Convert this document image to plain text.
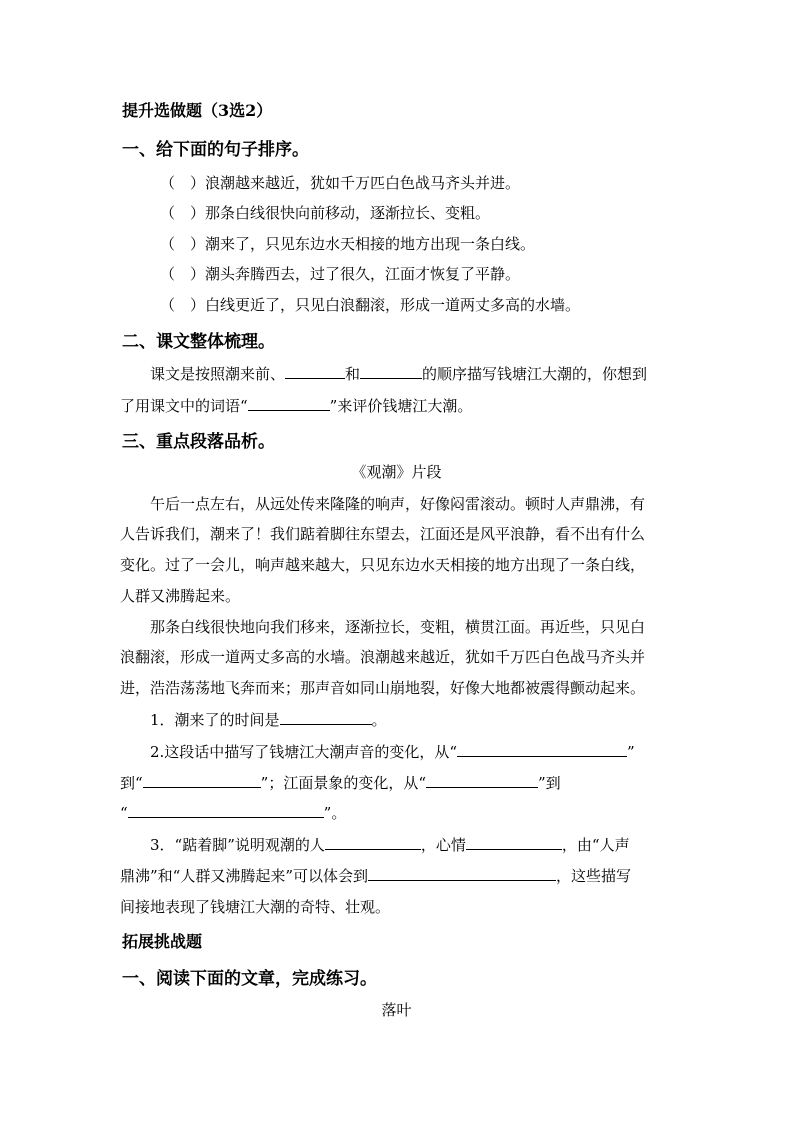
提升选做题（3选2）
一、给下面的句子排序。
（　）浪潮越来越近，犹如千万匹白色战马齐头并进。
（　）那条白线很快向前移动，逐渐拉长、变粗。
（　）潮来了，只见东边水天相接的地方出现一条白线。
（　）潮头奔腾西去，过了很久，江面才恢复了平静。
（　）白线更近了，只见白浪翻滚，形成一道两丈多高的水墙。
二、课文整体梳理。
课文是按照潮来前、	和	的顺序描写钱塘江大潮的，你想到
了用课文中的词语“	”来评价钱塘江大潮。
三、重点段落品析。
《观潮》片段
午后一点左右，从远处传来隆隆的响声，好像闷雷滚动。顿时人声鼎沸，有
人告诉我们，潮来了！我们踮着脚往东望去，江面还是风平浪静，看不出有什么
变化。过了一会儿，响声越来越大，只见东边水天相接的地方出现了一条白线，
人群又沸腾起来。
那条白线很快地向我们移来，逐渐拉长，变粗，横贯江面。再近些，只见白
浪翻滚，形成一道两丈多高的水墙。浪潮越来越近，犹如千万匹白色战马齐头并
进，浩浩荡荡地飞奔而来；那声音如同山崩地裂，好像大地都被震得颤动起来。
1．潮来了的时间是	。
2.这段话中描写了钱塘江大潮声音的变化，从“	”
到“	”；江面景象的变化，从“	”到
“	”。
3．“踮着脚”说明观潮的人	，心情	，由“人声
鼎沸”和“人群又沸腾起来”可以体会到	，这些描写
间接地表现了钱塘江大潮的奇特、壮观。
拓展挑战题
一、阅读下面的文章，完成练习。
落叶
